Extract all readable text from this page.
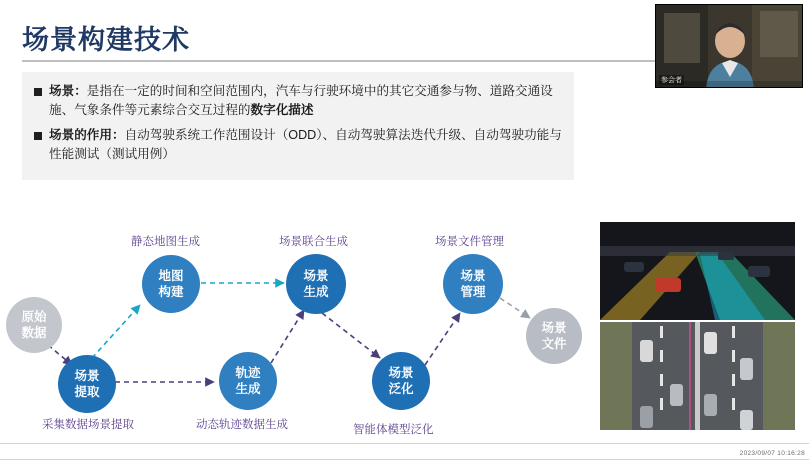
场景构建技术
场景：是指在一定的时间和空间范围内，汽车与行驶环境中的其它交通参与物、道路交通设施、气象条件等元素综合交互过程的数字化描述
场景的作用：自动驾驶系统工作范围设计（ODD）、自动驾驶算法迭代升级、自动驾驶功能与性能测试（测试用例）
原始
数据
场景
提取
地图
构建
轨迹
生成
场景
生成
场景
泛化
场景
管理
场景
文件
静态地图生成	场景联合生成	场景文件管理
采集数据场景提取	动态轨迹数据生成	智能体模型泛化
参会者
2023/09/07 10:16:28
